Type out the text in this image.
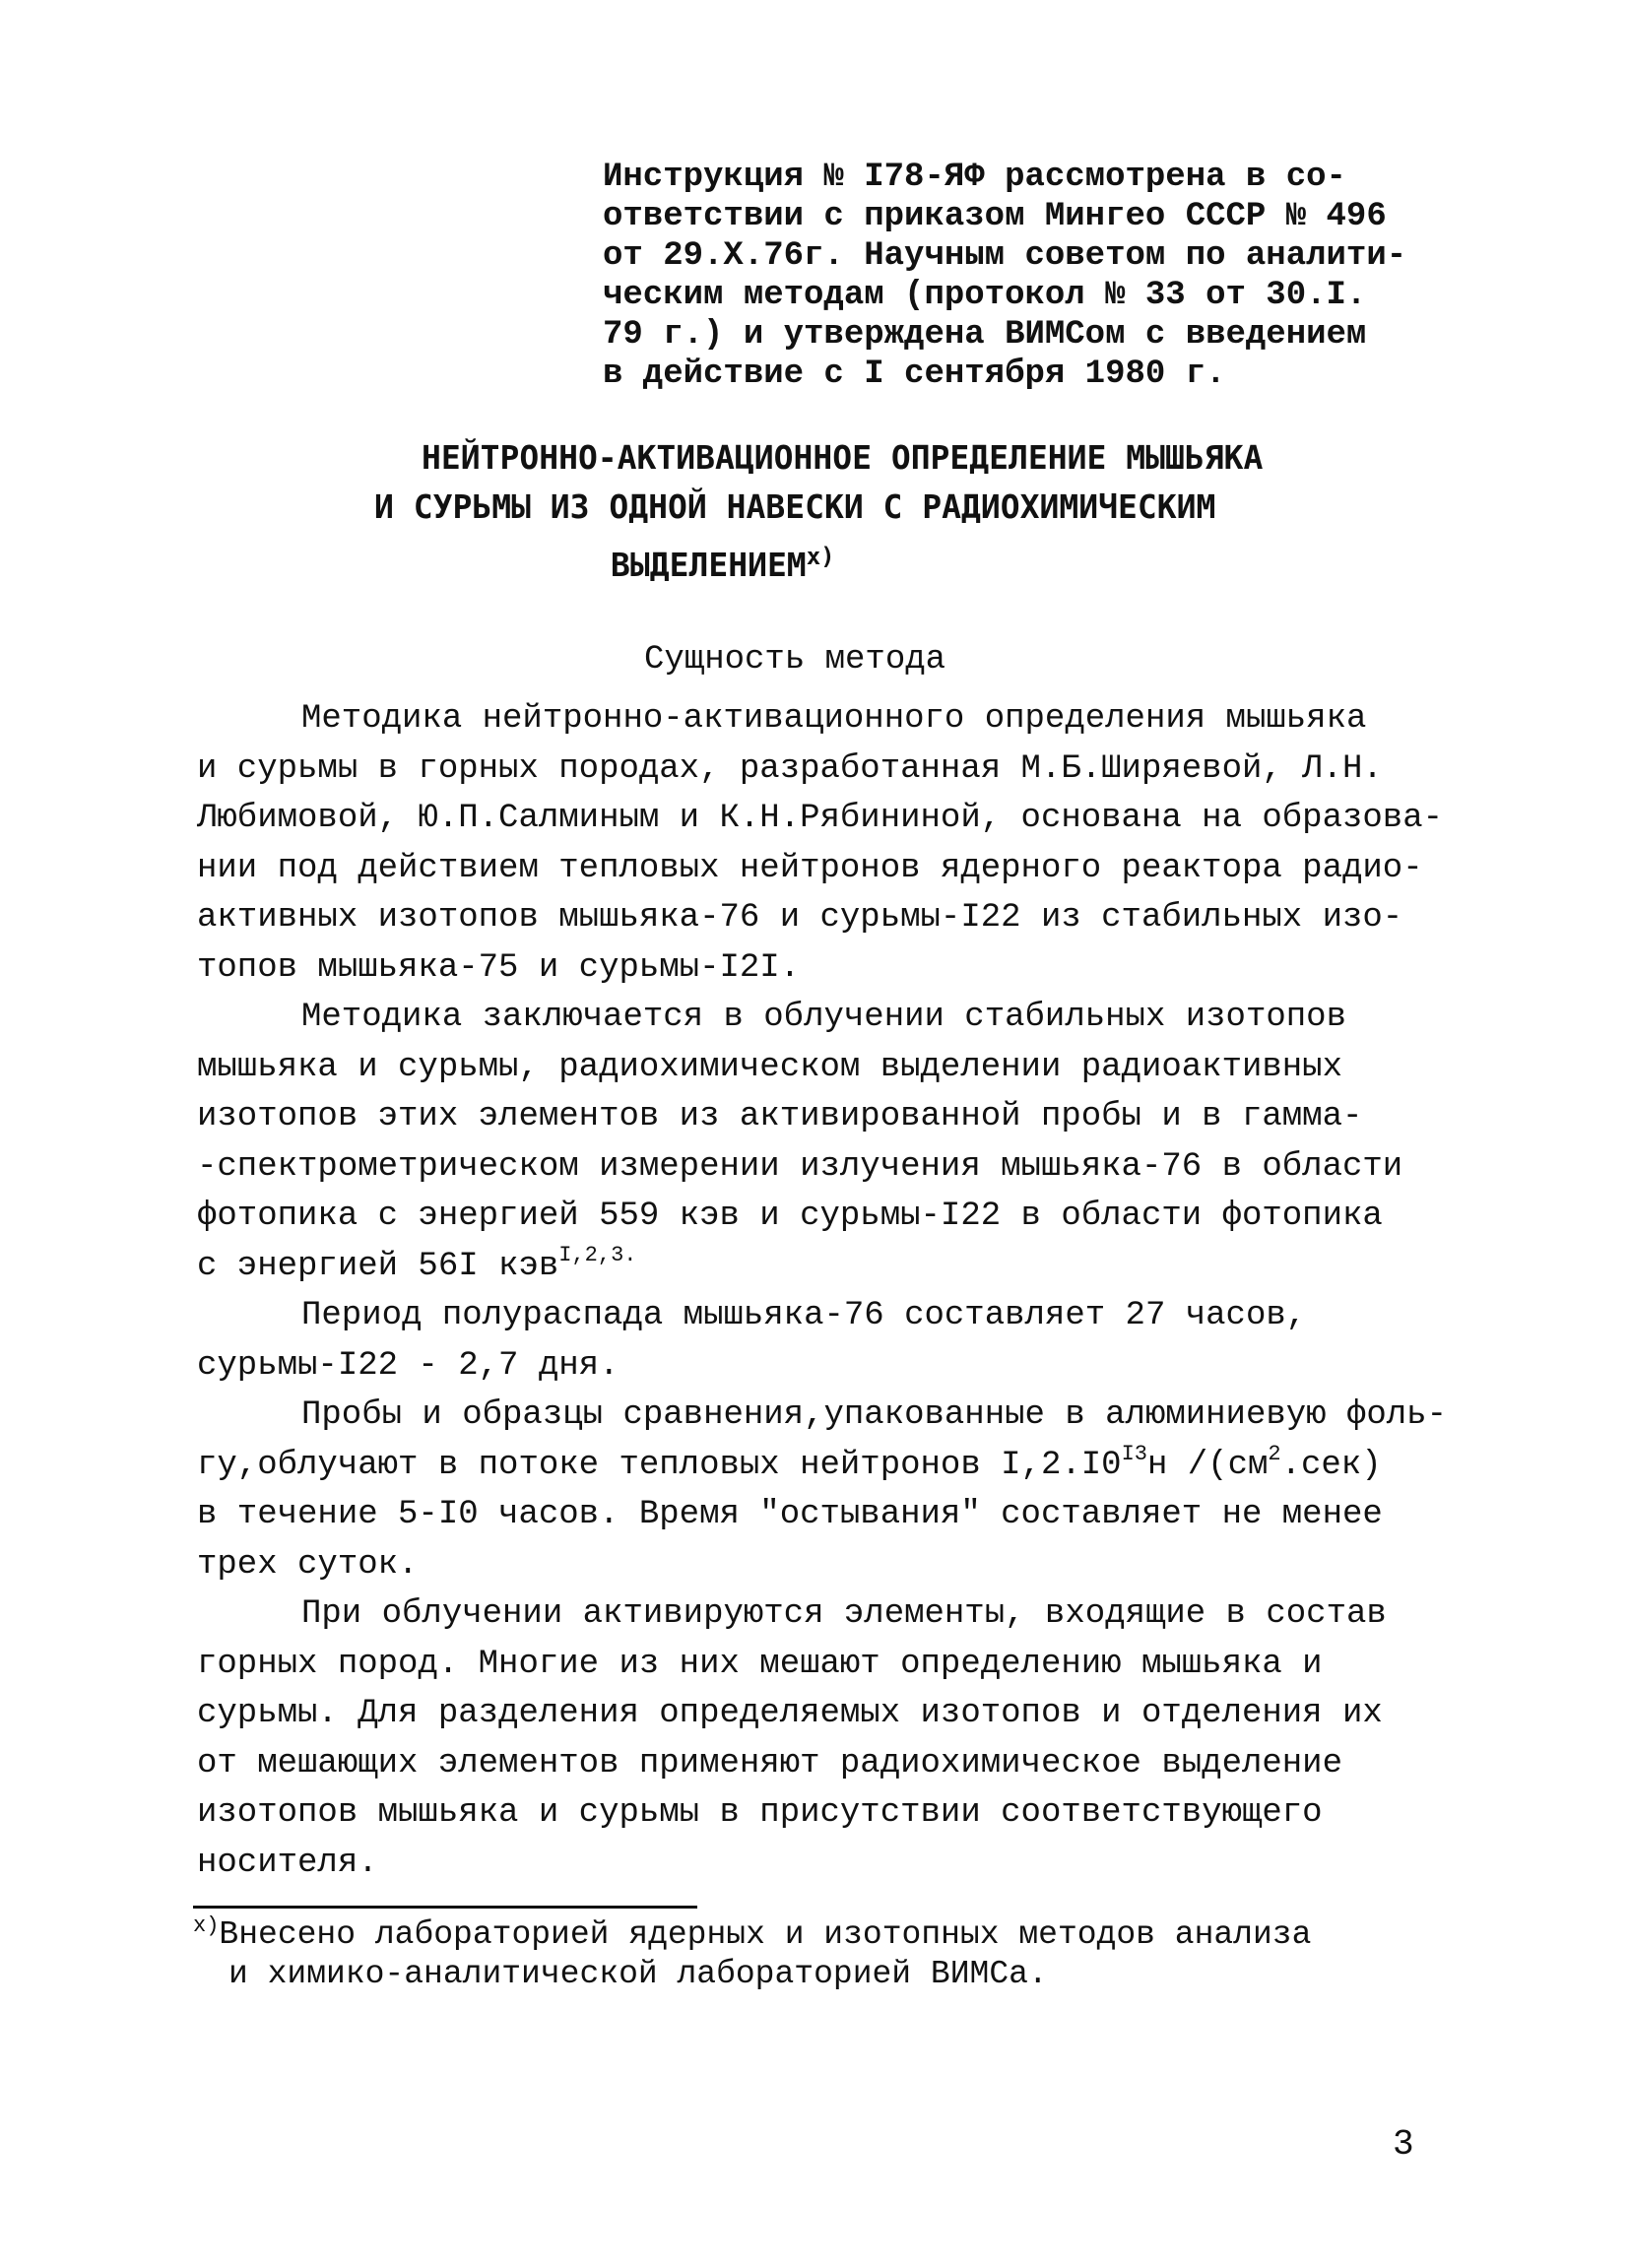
Инструкция № I78-ЯФ рассмотрена в со-
ответствии с приказом Мингео СССР № 496
от 29.Х.76г. Научным советом по аналити-
ческим методам (протокол № 33 от 30.I.
79 г.) и утверждена ВИМСом с введением
в действие с I сентября 1980 г.
НЕЙТРОННО-АКТИВАЦИОННОЕ ОПРЕДЕЛЕНИЕ МЫШЬЯКА
И СУРЬМЫ ИЗ ОДНОЙ НАВЕСКИ С РАДИОХИМИЧЕСКИМ
ВЫДЕЛЕНИЕМ$^{x)}$
Сущность метода
Методика нейтронно-активационного определения мышьяка
и сурьмы в горных породах, разработанная М.Б.Ширяевой, Л.Н.
Любимовой, Ю.П.Салминым и К.Н.Рябининой, основана на образова-
нии под действием тепловых нейтронов ядерного реактора радио-
активных изотопов мышьяка-76 и сурьмы-I22 из стабильных изо-
топов мышьяка-75 и сурьмы-I2I.
Методика заключается в облучении стабильных изотопов
мышьяка и сурьмы, радиохимическом выделении радиоактивных
изотопов этих элементов из активированной пробы и в гамма-
-спектрометрическом измерении излучения мышьяка-76 в области
фотопика с энергией 559 кэв и сурьмы-I22 в области фотопика
с энергией 56I кэв$^{I,2,3.}$
Период полураспада мышьяка-76 составляет 27 часов,
сурьмы-I22 - 2,7 дня.
Пробы и образцы сравнения,упакованные в алюминиевую фоль-
гу,облучают в потоке тепловых нейтронов $I,2.I0^{I3}н$ $/(см^2.сек)$
в течение 5-I0 часов. Время "остывания" составляет не менее
трех суток.
При облучении активируются элементы, входящие в состав
горных пород. Многие из них мешают определению мышьяка и
сурьмы. Для разделения определяемых изотопов и отделения их
от мешающих элементов применяют радиохимическое выделение
изотопов мышьяка и сурьмы в присутствии соответствующего
носителя.
$^{x)}$Внесено лабораторией ядерных и изотопных методов анализа
и химико-аналитической лабораторией ВИМСа.
3
